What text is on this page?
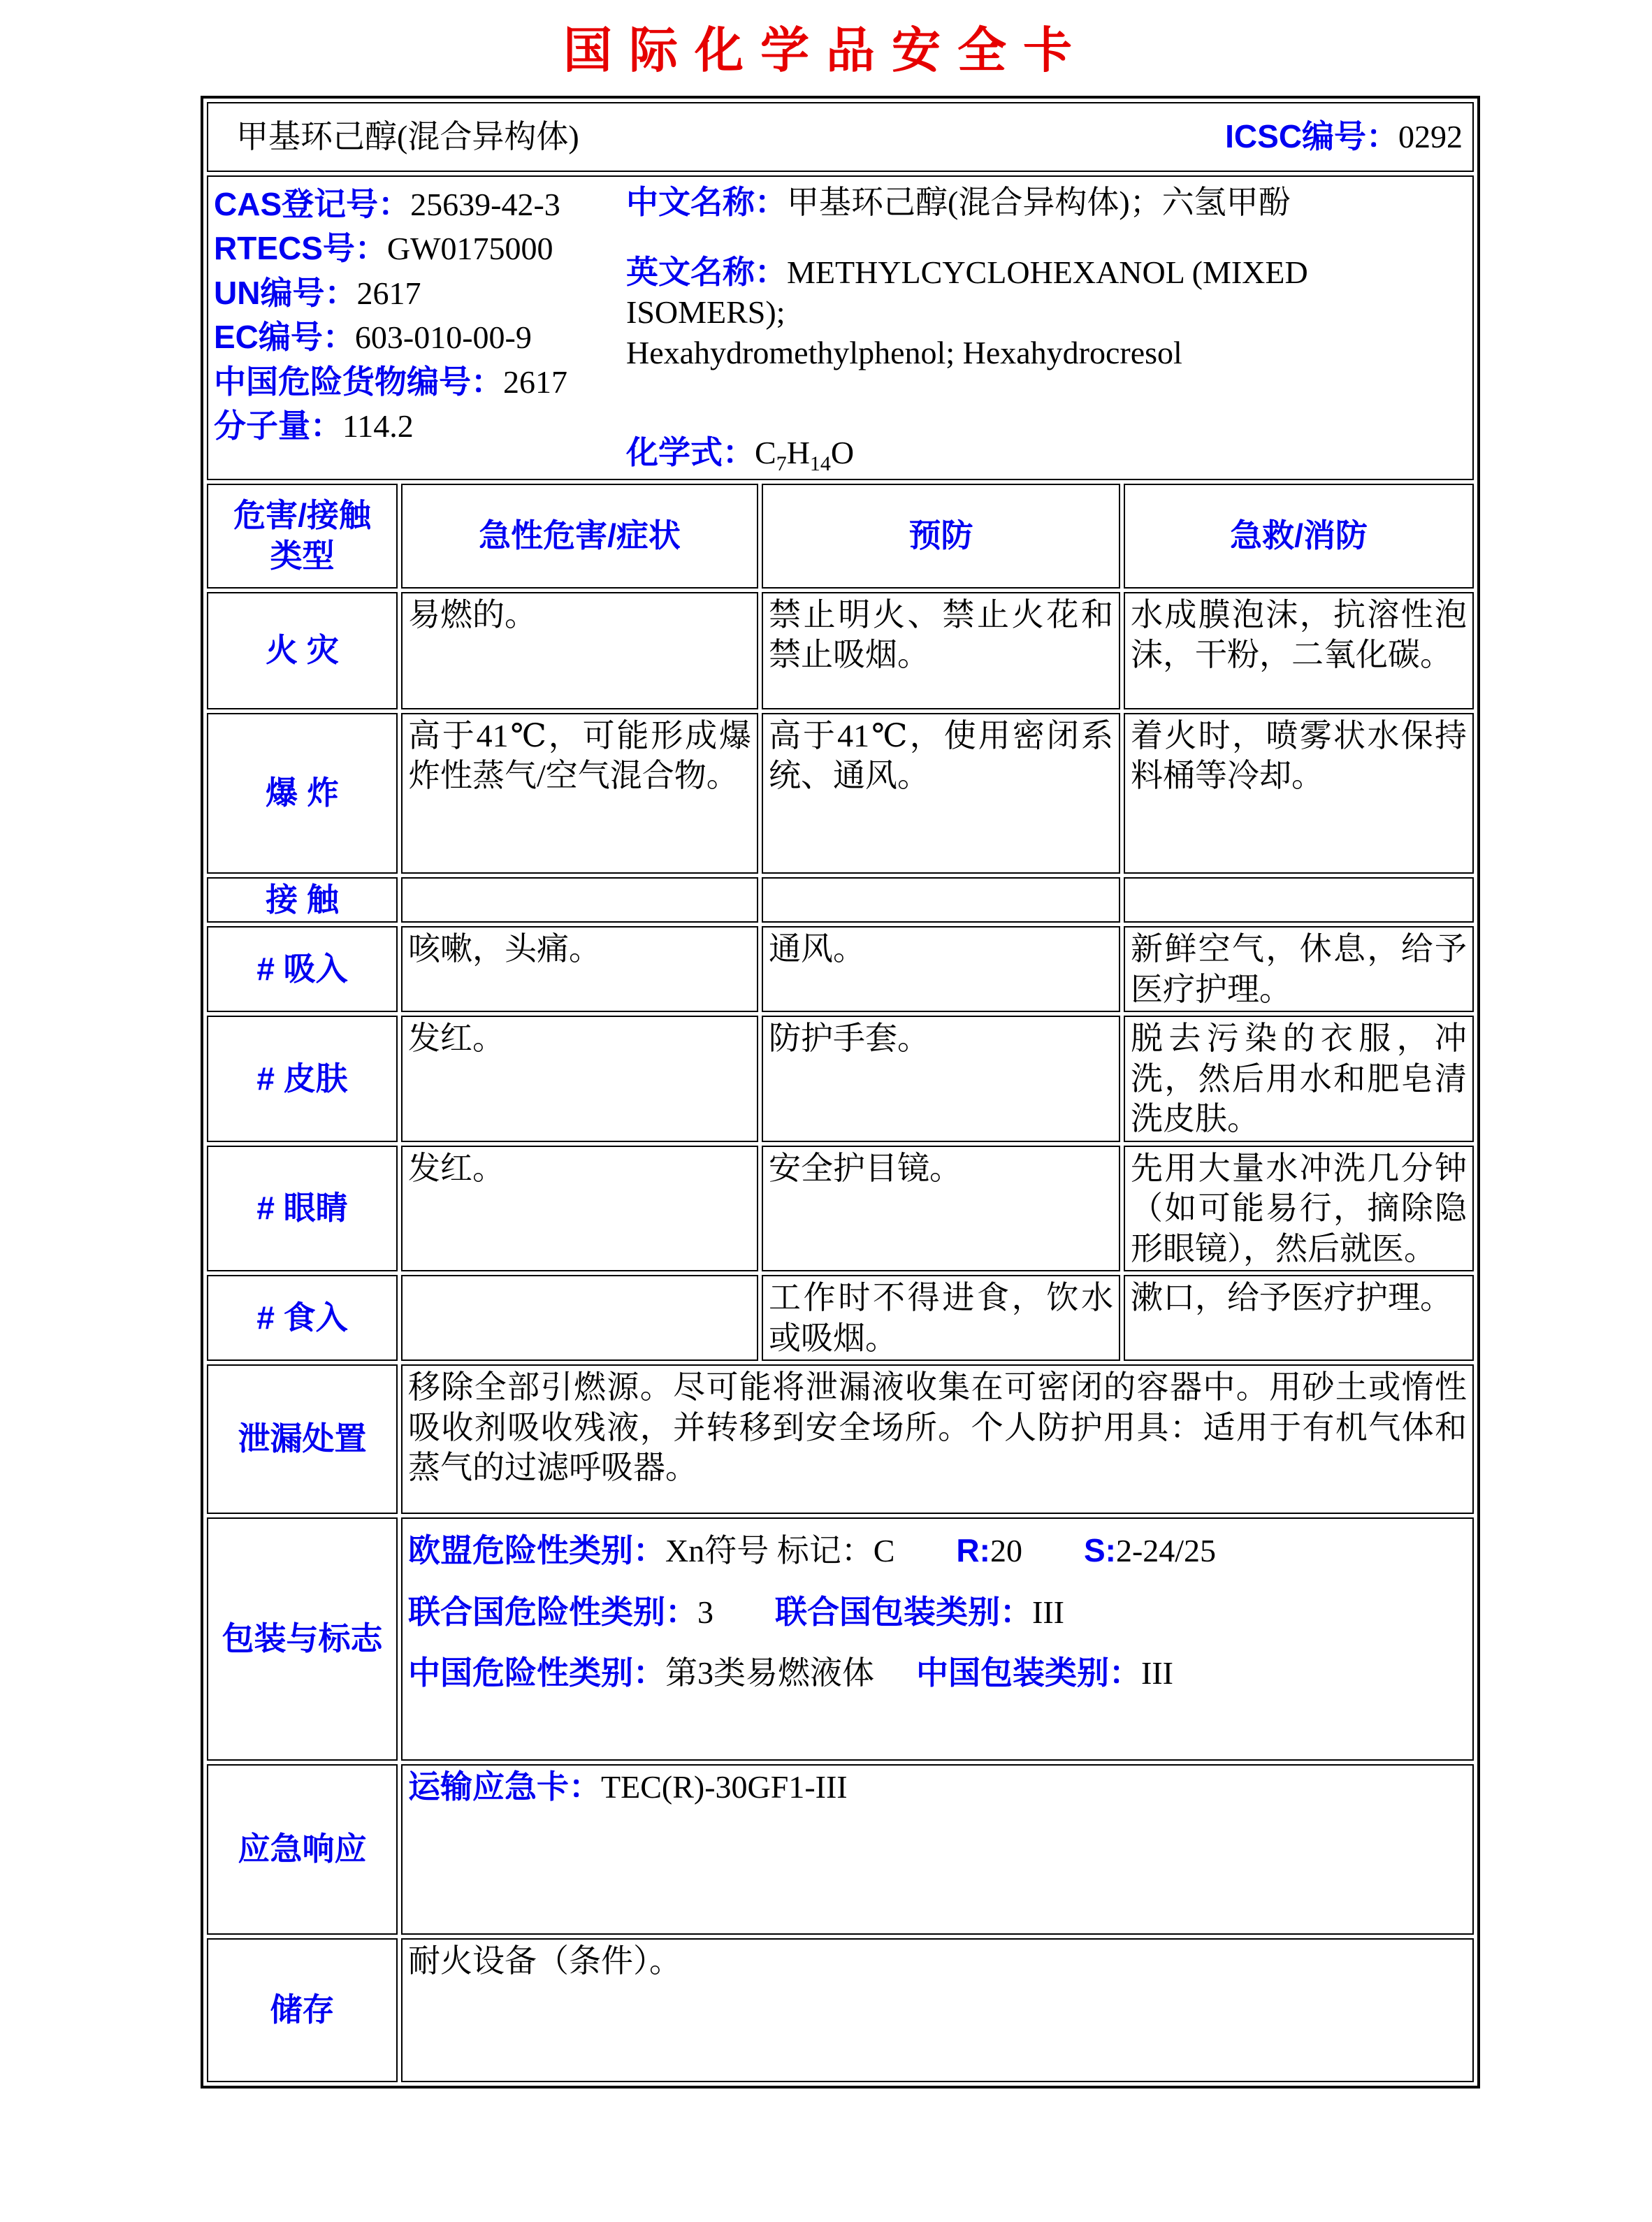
国际化学品安全卡
甲基环己醇(混合异构体) ICSC编号：0292			

CAS登记号：25639-42-3
RTECS号：GW0175000
UN编号：2617
EC编号：603-010-00-9
中国危险货物编号：2617
分子量：114.2
中文名称：甲基环己醇(混合异构体)；六氢甲酚
英文名称：METHYLCYCLOHEXANOL (MIXED ISOMERS);
Hexahydromethylphenol; Hexahydrocresol
化学式：$C_7H_{14}O$

危害/接触
类型	急性危害/症状	预防	急救/消防
火 灾	易燃的。	禁止明火、禁止火花和禁止吸烟。	水成膜泡沫，抗溶性泡沫，干粉，二氧化碳。
爆 炸	高于41℃，可能形成爆炸性蒸气/空气混合物。	高于41℃，使用密闭系统、通风。	着火时，喷雾状水保持料桶等冷却。
接 触			
# 吸入	咳嗽，头痛。	通风。	新鲜空气，休息，给予医疗护理。
# 皮肤	发红。	防护手套。	脱去污染的衣服，冲洗，然后用水和肥皂清洗皮肤。
# 眼睛	发红。	安全护目镜。	先用大量水冲洗几分钟（如可能易行，摘除隐形眼镜），然后就医。
# 食入		工作时不得进食，饮水或吸烟。	漱口，给予医疗护理。
泄漏处置	移除全部引燃源。尽可能将泄漏液收集在可密闭的容器中。用砂土或惰性吸收剂吸收残液，并转移到安全场所。个人防护用具：适用于有机气体和蒸气的过滤呼吸器。		
包装与标志	欧盟危险性类别：Xn符号 标记：C R:20 S:2-24/25
联合国危险性类别：3 联合国包装类别：III
中国危险性类别：第3类易燃液体 中国包装类别：III		

应急响应	运输应急卡：TEC(R)-30GF1-III		
储存	耐火设备（条件）。		
